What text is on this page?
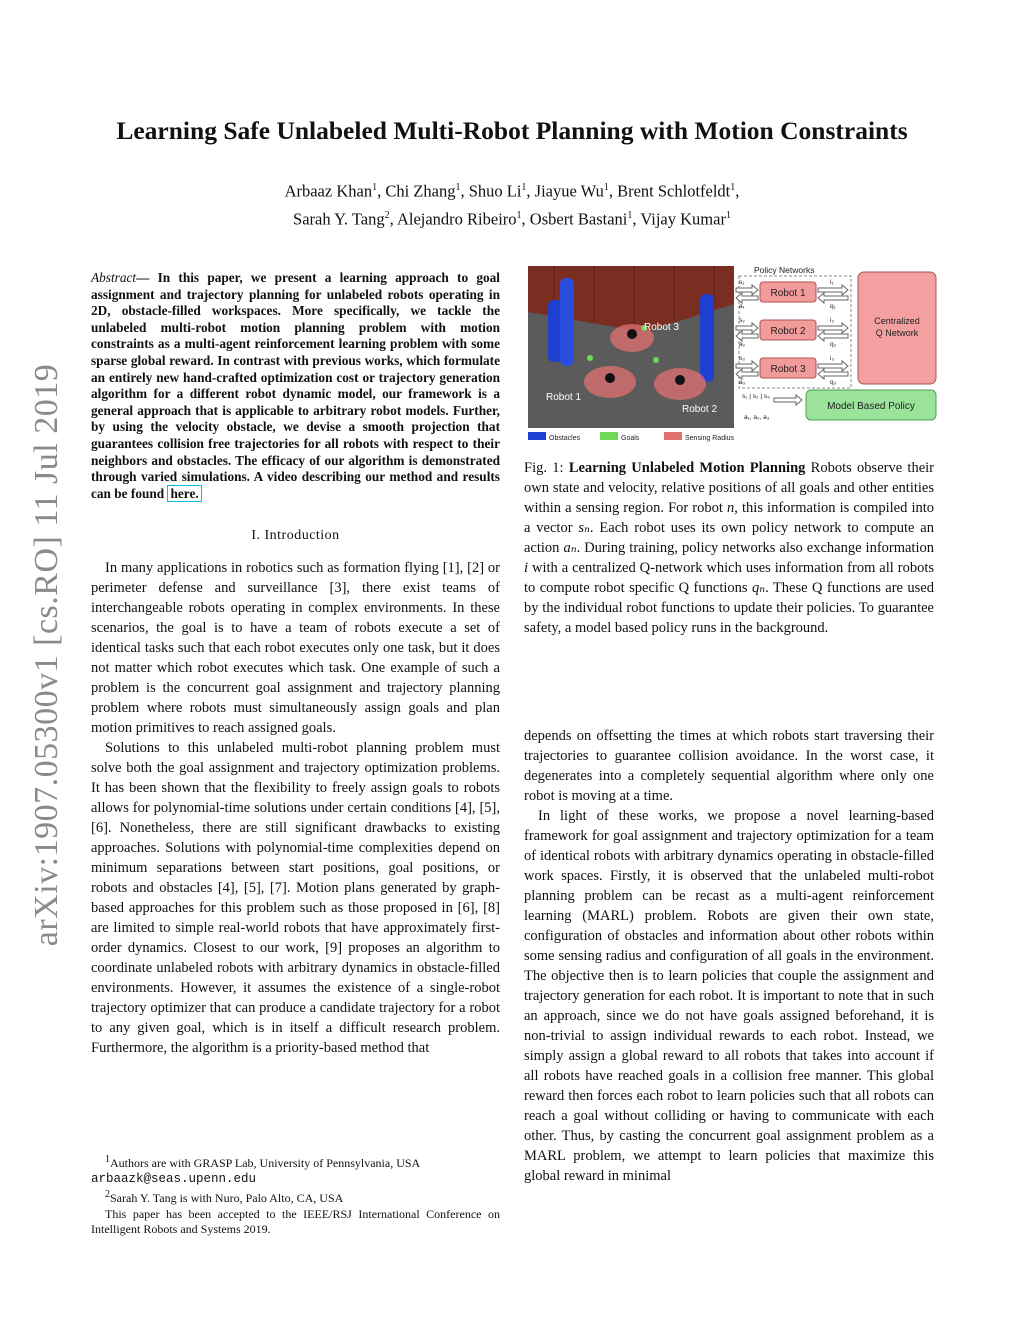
arXiv:1907.05300v1 [cs.RO] 11 Jul 2019
Learning Safe Unlabeled Multi-Robot Planning with Motion Constraints
Arbaaz Khan$^1$, Chi Zhang$^1$, Shuo Li$^1$, Jiayue Wu$^1$, Brent Schlotfeldt$^1$,
Sarah Y. Tang$^2$, Alejandro Ribeiro$^1$, Osbert Bastani$^1$, Vijay Kumar$^1$

Abstract— In this paper, we present a learning approach to goal assignment and trajectory planning for unlabeled robots operating in 2D, obstacle-filled workspaces. More specifically, we tackle the unlabeled multi-robot motion planning problem with motion constraints as a multi-agent reinforcement learning problem with some sparse global reward. In contrast with previous works, which formulate an entirely new hand-crafted optimization cost or trajectory generation algorithm for a different robot dynamic model, our framework is a general approach that is applicable to arbitrary robot models. Further, by using the velocity obstacle, we devise a smooth projection that guarantees collision free trajectories for all robots with respect to their neighbors and obstacles. The efficacy of our algorithm is demonstrated through varied simulations. A video describing our method and results can be found here.

I. Introduction

In many applications in robotics such as formation flying [1], [2] or perimeter defense and surveillance [3], there exist teams of interchangeable robots operating in complex environments. In these scenarios, the goal is to have a team of robots execute a set of identical tasks such that each robot executes only one task, but it does not matter which robot executes which task. One example of such a problem is the concurrent goal assignment and trajectory planning problem where robots must simultaneously assign goals and plan motion primitives to reach assigned goals.

Solutions to this unlabeled multi-robot planning problem must solve both the goal assignment and trajectory optimization problems. It has been shown that the flexibility to freely assign goals to robots allows for polynomial-time solutions under certain conditions [4], [5], [6]. Nonetheless, there are still significant drawbacks to existing approaches. Solutions with polynomial-time complexities depend on minimum separations between start positions, goal positions, or robots and obstacles [4], [5], [7]. Motion plans generated by graph-based approaches for this problem such as those proposed in [6], [8] are limited to simple real-world robots that have approximately first-order dynamics. Closest to our work, [9] proposes an algorithm to coordinate unlabeled robots with arbitrary dynamics in obstacle-filled environments. However, it assumes the existence of a single-robot trajectory optimizer that can produce a candidate trajectory for a robot to any given goal, which is in itself a difficult research problem. Furthermore, the algorithm is a priority-based method that

$^1$Authors are with GRASP Lab, University of Pennsylvania, USA

arbaazk@seas.upenn.edu

$^2$Sarah Y. Tang is with Nuro, Palo Alto, CA, USA

This paper has been accepted to the IEEE/RSJ International Conference on Intelligent Robots and Systems 2019.

Robot 3
Robot 1
Robot 2
Obstacles	Goals	Sensing Radius
Policy Networks
Robot 1
Robot 2
Robot 3
s₁
a₁
s₂
a₂
s₃
a₃
i₁
q₁
i₂
q₂
i₃
q₃
Centralized
Q Network
s₁ | s₂ | s₃
a₁, a₂, a₃
Model Based Policy

Fig. 1: Learning Unlabeled Motion Planning Robots observe their own state and velocity, relative positions of all goals and other entities within a sensing region. For robot n, this information is compiled into a vector sₙ. Each robot uses its own policy network to compute an action aₙ. During training, policy networks also exchange information i with a centralized Q-network which uses information from all robots to compute robot specific Q functions qₙ. These Q functions are used by the individual robot functions to update their policies. To guarantee safety, a model based policy runs in the background.

depends on offsetting the times at which robots start traversing their trajectories to guarantee collision avoidance. In the worst case, it degenerates into a completely sequential algorithm where only one robot is moving at a time.

In light of these works, we propose a novel learning-based framework for goal assignment and trajectory optimization for a team of identical robots with arbitrary dynamics operating in obstacle-filled work spaces. Firstly, it is observed that the unlabeled multi-robot planning problem can be recast as a multi-agent reinforcement learning (MARL) problem. Robots are given their own state, configuration of obstacles and information about other robots within some sensing radius and configuration of all goals in the environment. The objective then is to learn policies that couple the assignment and trajectory generation for each robot. It is important to note that in such an approach, since we do not have goals assigned beforehand, it is non-trivial to assign individual rewards to each robot. Instead, we simply assign a global reward to all robots that takes into account if all robots have reached goals in a collision free manner. This global reward then forces each robot to learn policies such that all robots can reach a goal without colliding or having to communicate with each other. Thus, by casting the concurrent goal assignment problem as a MARL problem, we attempt to learn policies that maximize this global reward in minimal
